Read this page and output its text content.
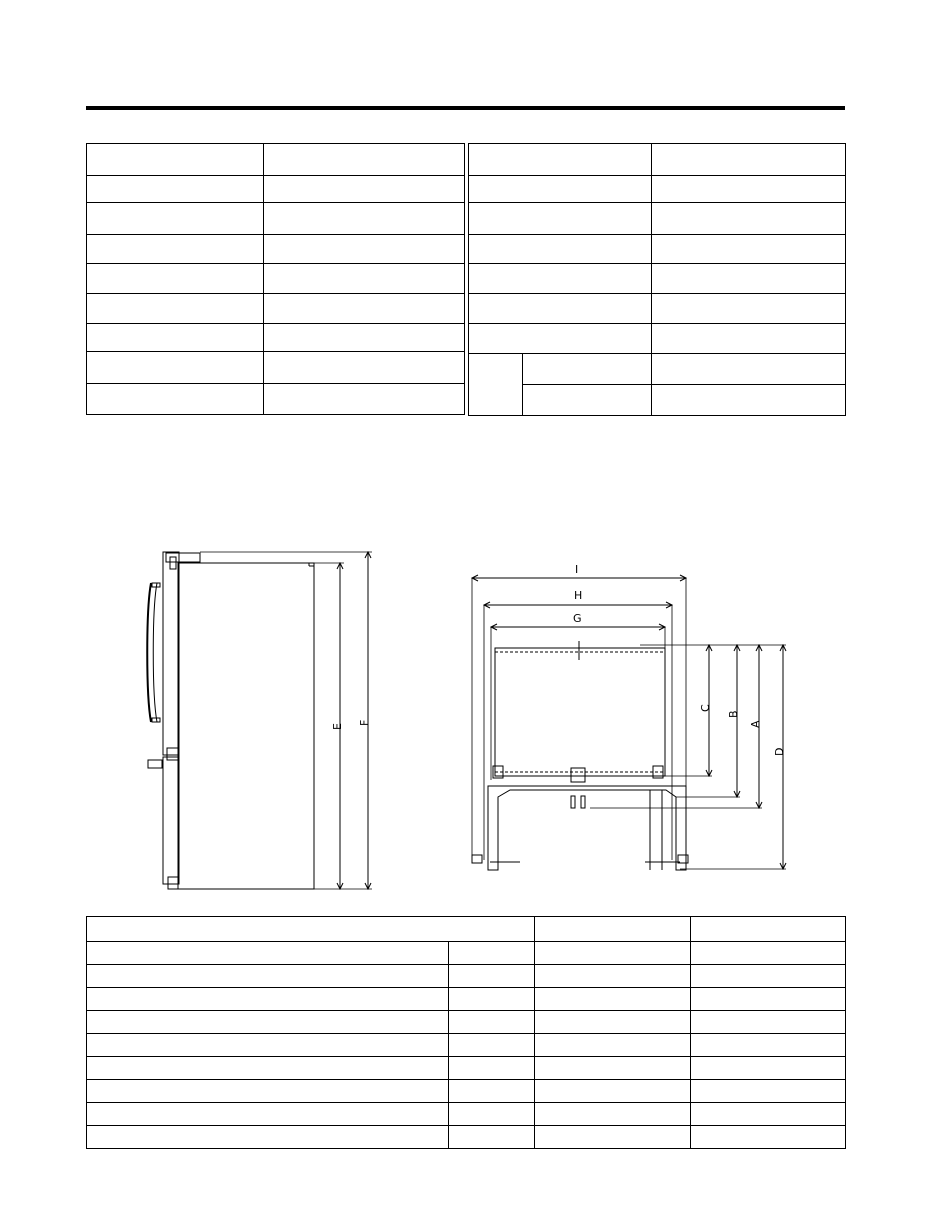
E
F
I
H
G
C
B
A
D
